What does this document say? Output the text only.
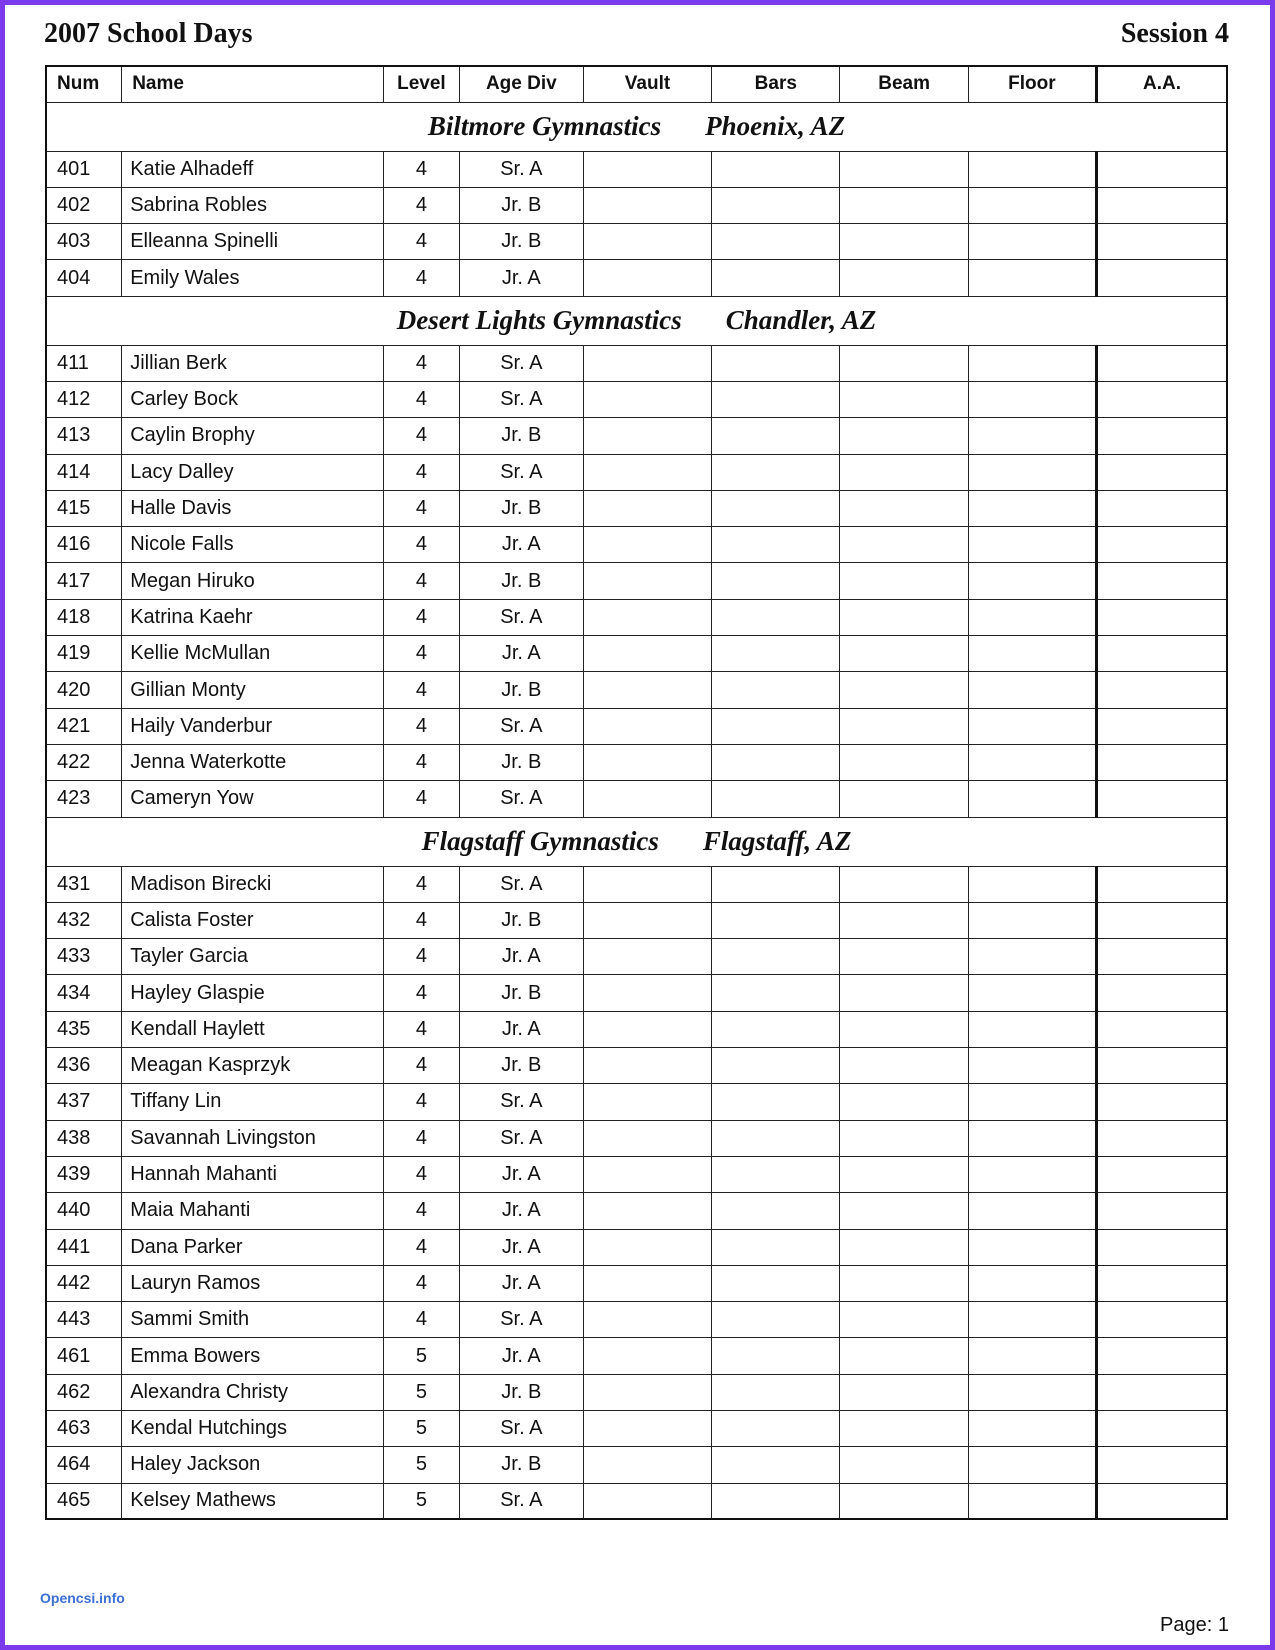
2007 School Days	Session 4
Num	Name	Level	Age Div	Vault	Bars	Beam	Floor	A.A.
Biltmore Gymnastics Phoenix, AZ								
401	Katie Alhadeff	4	Sr. A					
402	Sabrina Robles	4	Jr. B					
403	Elleanna Spinelli	4	Jr. B					
404	Emily Wales	4	Jr. A					
Desert Lights Gymnastics Chandler, AZ								
411	Jillian Berk	4	Sr. A					
412	Carley Bock	4	Sr. A					
413	Caylin Brophy	4	Jr. B					
414	Lacy Dalley	4	Sr. A					
415	Halle Davis	4	Jr. B					
416	Nicole Falls	4	Jr. A					
417	Megan Hiruko	4	Jr. B					
418	Katrina Kaehr	4	Sr. A					
419	Kellie McMullan	4	Jr. A					
420	Gillian Monty	4	Jr. B					
421	Haily Vanderbur	4	Sr. A					
422	Jenna Waterkotte	4	Jr. B					
423	Cameryn Yow	4	Sr. A					
Flagstaff Gymnastics Flagstaff, AZ								
431	Madison Birecki	4	Sr. A					
432	Calista Foster	4	Jr. B					
433	Tayler Garcia	4	Jr. A					
434	Hayley Glaspie	4	Jr. B					
435	Kendall Haylett	4	Jr. A					
436	Meagan Kasprzyk	4	Jr. B					
437	Tiffany Lin	4	Sr. A					
438	Savannah Livingston	4	Sr. A					
439	Hannah Mahanti	4	Jr. A					
440	Maia Mahanti	4	Jr. A					
441	Dana Parker	4	Jr. A					
442	Lauryn Ramos	4	Jr. A					
443	Sammi Smith	4	Sr. A					
461	Emma Bowers	5	Jr. A					
462	Alexandra Christy	5	Jr. B					
463	Kendal Hutchings	5	Sr. A					
464	Haley Jackson	5	Jr. B					
465	Kelsey Mathews	5	Sr. A					
Opencsi.info
Page: 1
